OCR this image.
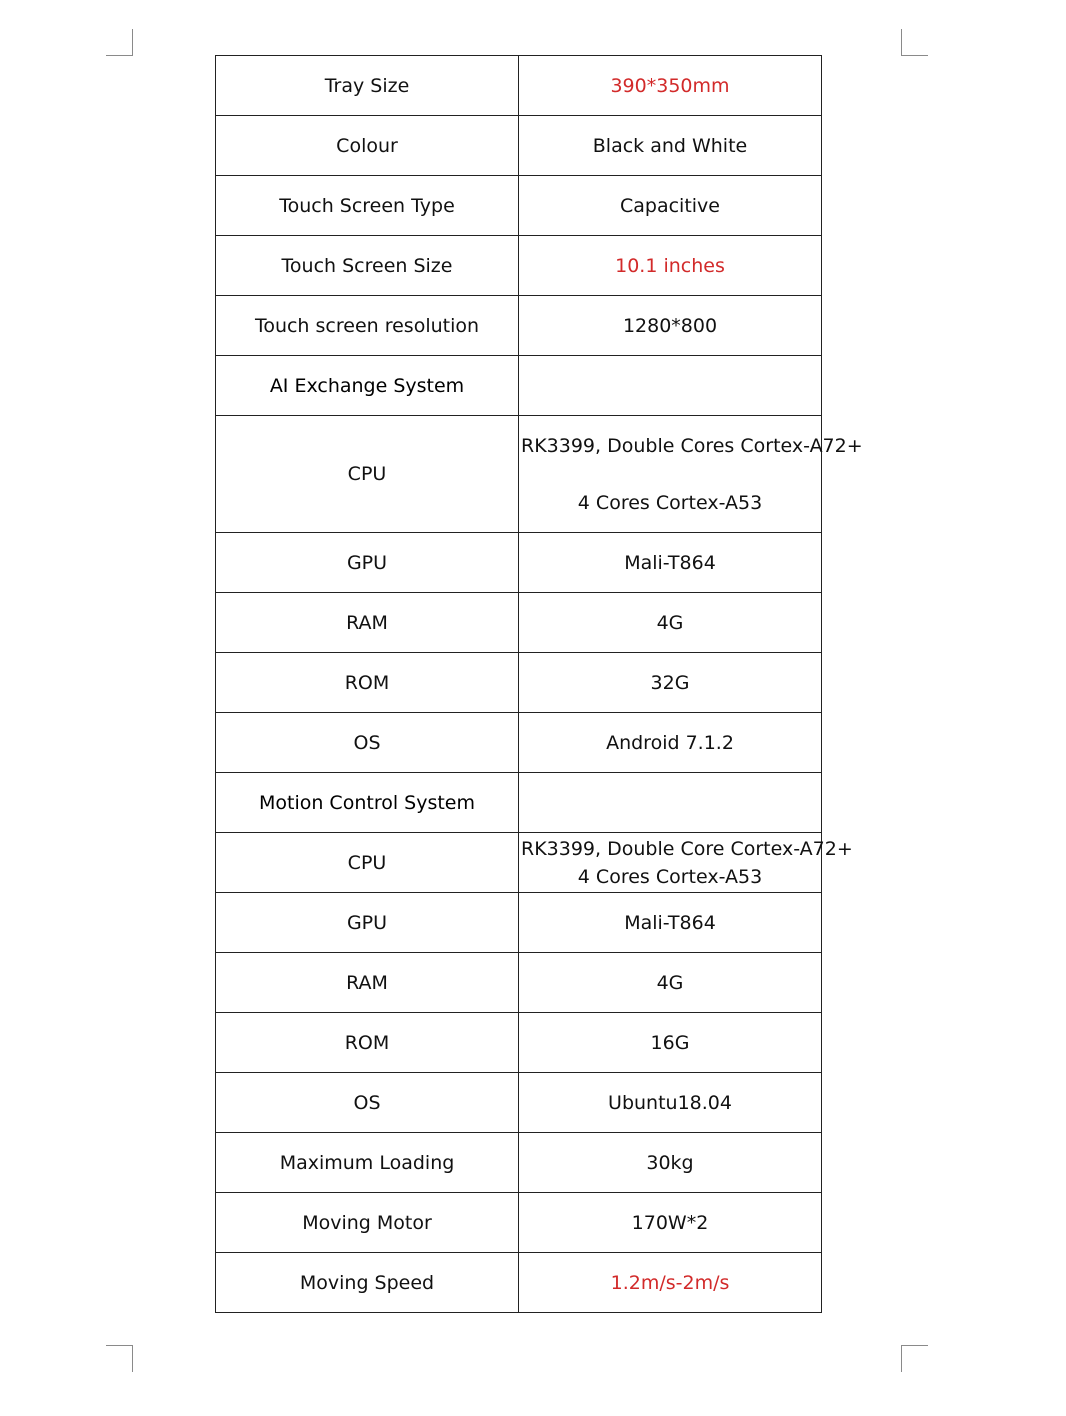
Tray Size	390*350mm
Colour	Black and White
Touch Screen Type	Capacitive
Touch Screen Size	10.1 inches
Touch screen resolution	1280*800
AI Exchange System	
CPU	RK3399, Double Cores Cortex-A72+
4 Cores Cortex-A53

GPU	Mali-T864
RAM	4G
ROM	32G
OS	Android 7.1.2
Motion Control System	
CPU	RK3399, Double Core Cortex-A72+
4 Cores Cortex-A53

GPU	Mali-T864
RAM	4G
ROM	16G
OS	Ubuntu18.04
Maximum Loading	30kg
Moving Motor	170W*2
Moving Speed	1.2m/s-2m/s
